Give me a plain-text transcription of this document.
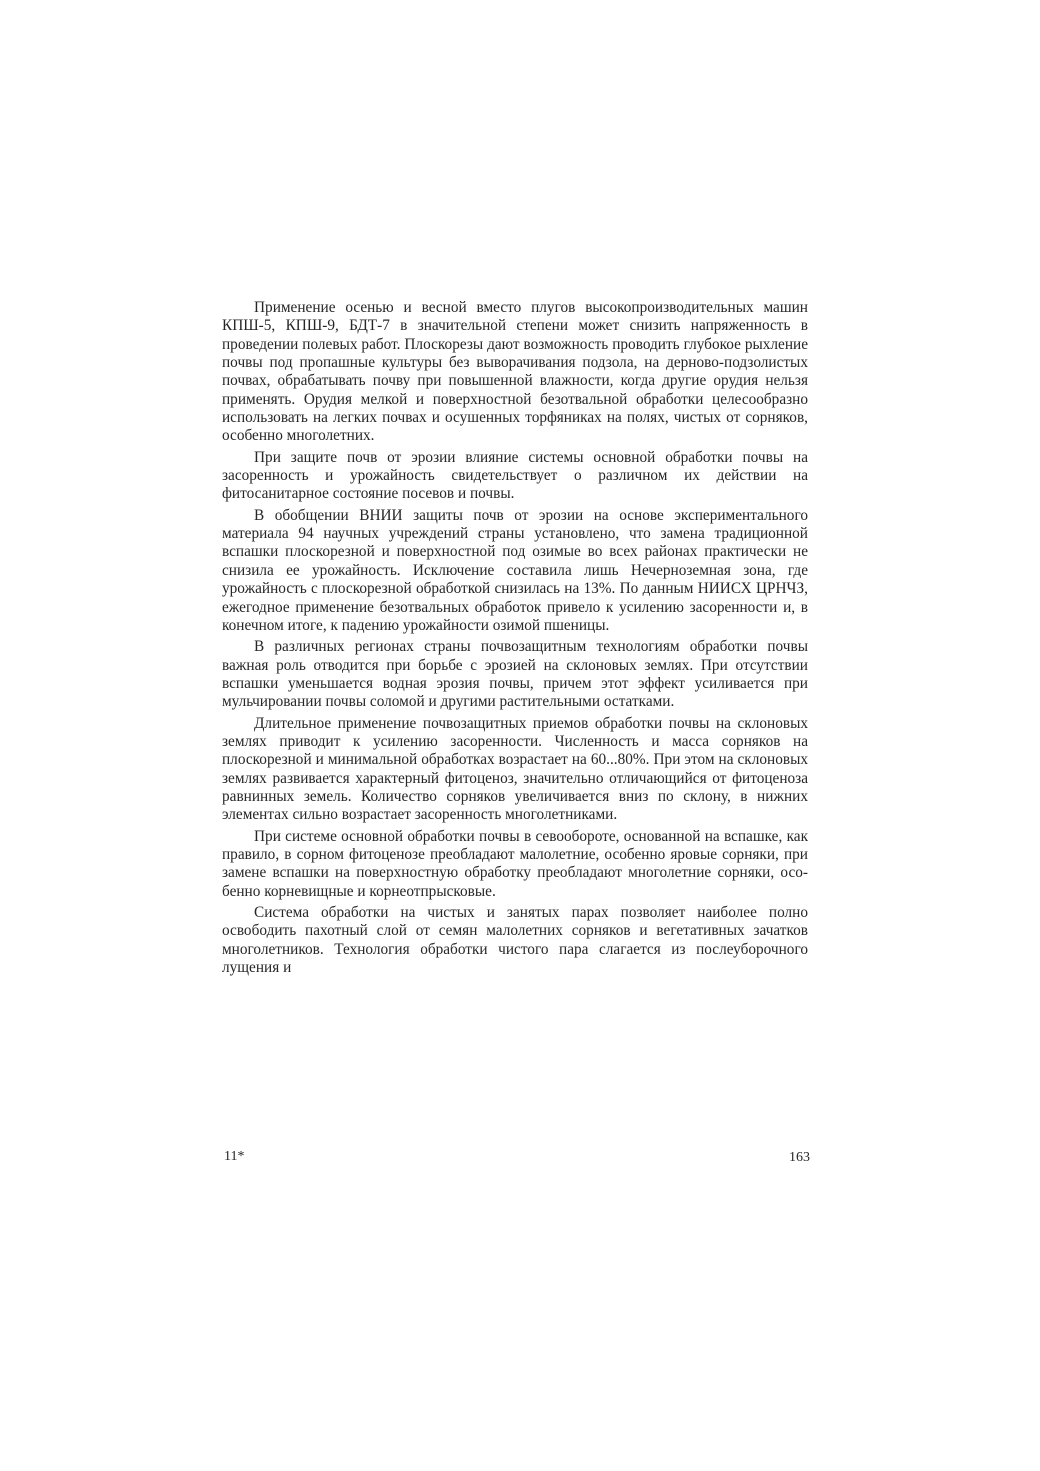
Применение осенью и весной вместо плугов высокопроизводительных машин КПШ-5, КПШ-9, БДТ-7 в значительной степени может снизить напряженность в проведении полевых работ. Плоскорезы дают возможность проводить глубокое рыхление почвы под пропашные культуры без выворачивания подзола, на дерново-подзолистых почвах, обрабатывать почву при повышенной влажности, когда другие орудия нельзя применять. Орудия мелкой и поверхностной безотвальной обработки целесообразно использовать на легких почвах и осушенных торфяниках на полях, чистых от сорняков, особенно многолетних.

При защите почв от эрозии влияние системы основной обработки почвы на засоренность и урожайность свидетельствует о различном их действии на фитосанитарное состояние посевов и почвы.

В обобщении ВНИИ защиты почв от эрозии на основе экспериментального материала 94 научных учреждений страны установлено, что замена традиционной вспашки плоскорезной и поверхностной под озимые во всех районах практически не снизила ее урожайность. Исключение составила лишь Нечерноземная зона, где урожайность с плоскорезной обработкой снизилась на 13%. По данным НИИСХ ЦРНЧЗ, ежегодное применение безотвальных обработок привело к усилению засоренности и, в конечном итоге, к падению урожайности озимой пшеницы.

В различных регионах страны почвозащитным технологиям обработки почвы важная роль отводится при борьбе с эрозией на склоновых землях. При отсутствии вспашки уменьшается водная эрозия почвы, причем этот эффект усиливается при мульчировании почвы соломой и другими растительными остатками.

Длительное применение почвозащитных приемов обработки почвы на склоновых землях приводит к усилению засоренности. Численность и масса сорняков на плоскорезной и минимальной обработках возрастает на 60...80%. При этом на склоновых землях развивается характерный фитоценоз, значительно отличающийся от фитоценоза равнинных земель. Количество сорняков увеличивается вниз по склону, в нижних элементах сильно возрастает засоренность многолетниками.

При системе основной обработки почвы в севообороте, основанной на вспашке, как правило, в сорном фитоценозе преобладают малолетние, особенно яровые сорняки, при замене вспашки на поверхностную обработку преобладают многолетние сорняки, особенно корневищные и корнеотпрысковые.

Система обработки на чистых и занятых парах позволяет наиболее полно освободить пахотный слой от семян малолетних сорняков и вегетативных зачатков многолетников. Технология обработки чистого пара слагается из послеуборочного лущения и

11*	163
